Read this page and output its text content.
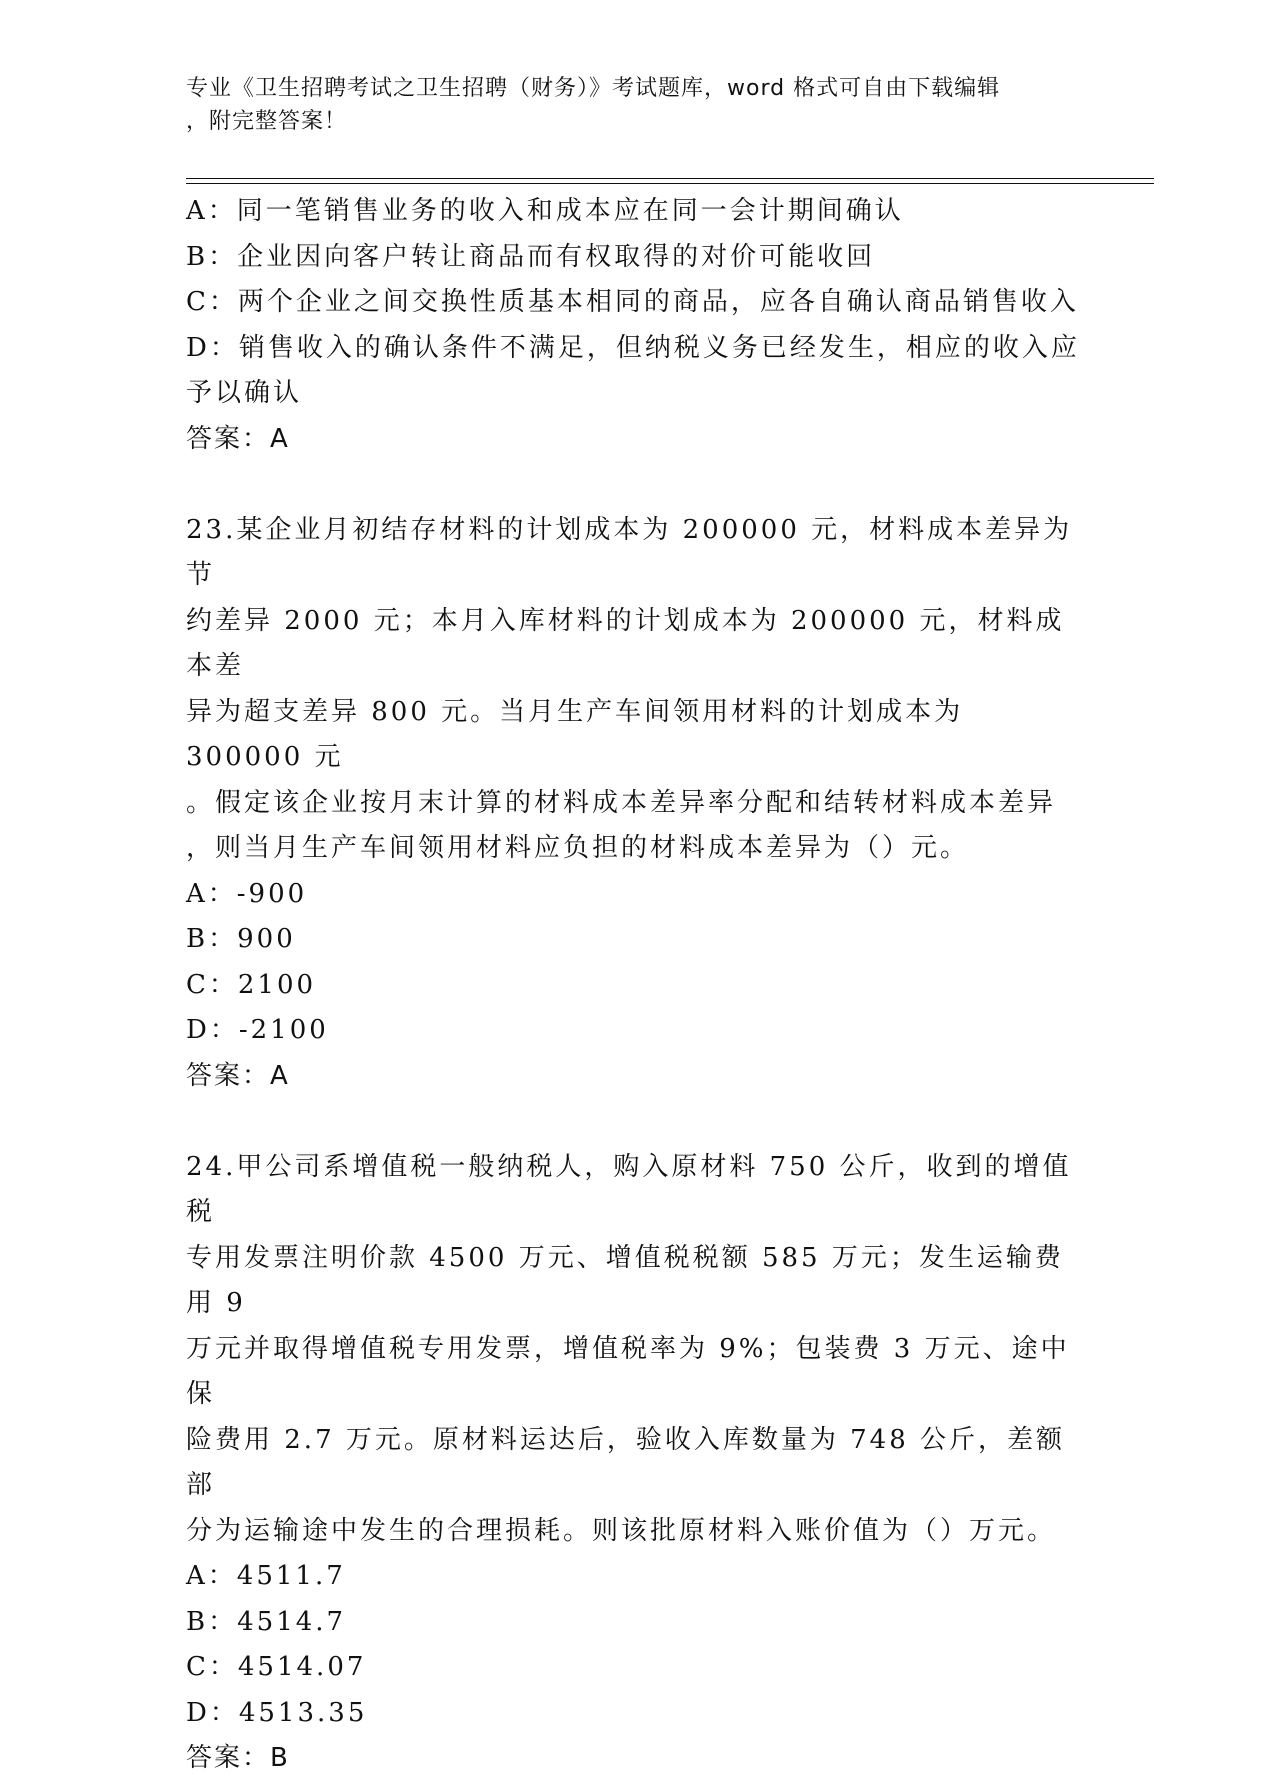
专业《卫生招聘考试之卫生招聘（财务）》考试题库，word 格式可自由下载编辑
，附完整答案！
A：同一笔销售业务的收入和成本应在同一会计期间确认
B：企业因向客户转让商品而有权取得的对价可能收回
C：两个企业之间交换性质基本相同的商品，应各自确认商品销售收入
D：销售收入的确认条件不满足，但纳税义务已经发生，相应的收入应
予以确认
答案：A
23.某企业月初结存材料的计划成本为 200000 元，材料成本差异为节
约差异 2000 元；本月入库材料的计划成本为 200000 元，材料成本差
异为超支差异 800 元。当月生产车间领用材料的计划成本为 300000 元
。假定该企业按月末计算的材料成本差异率分配和结转材料成本差异
，则当月生产车间领用材料应负担的材料成本差异为（）元。
A：-900
B：900
C：2100
D：-2100
答案：A
24.甲公司系增值税一般纳税人，购入原材料 750 公斤，收到的增值税
专用发票注明价款 4500 万元、增值税税额 585 万元；发生运输费用 9
万元并取得增值税专用发票，增值税率为 9%；包装费 3 万元、途中保
险费用 2.7 万元。原材料运达后，验收入库数量为 748 公斤，差额部
分为运输途中发生的合理损耗。则该批原材料入账价值为（）万元。
A：4511.7
B：4514.7
C：4514.07
D：4513.35
答案：B
